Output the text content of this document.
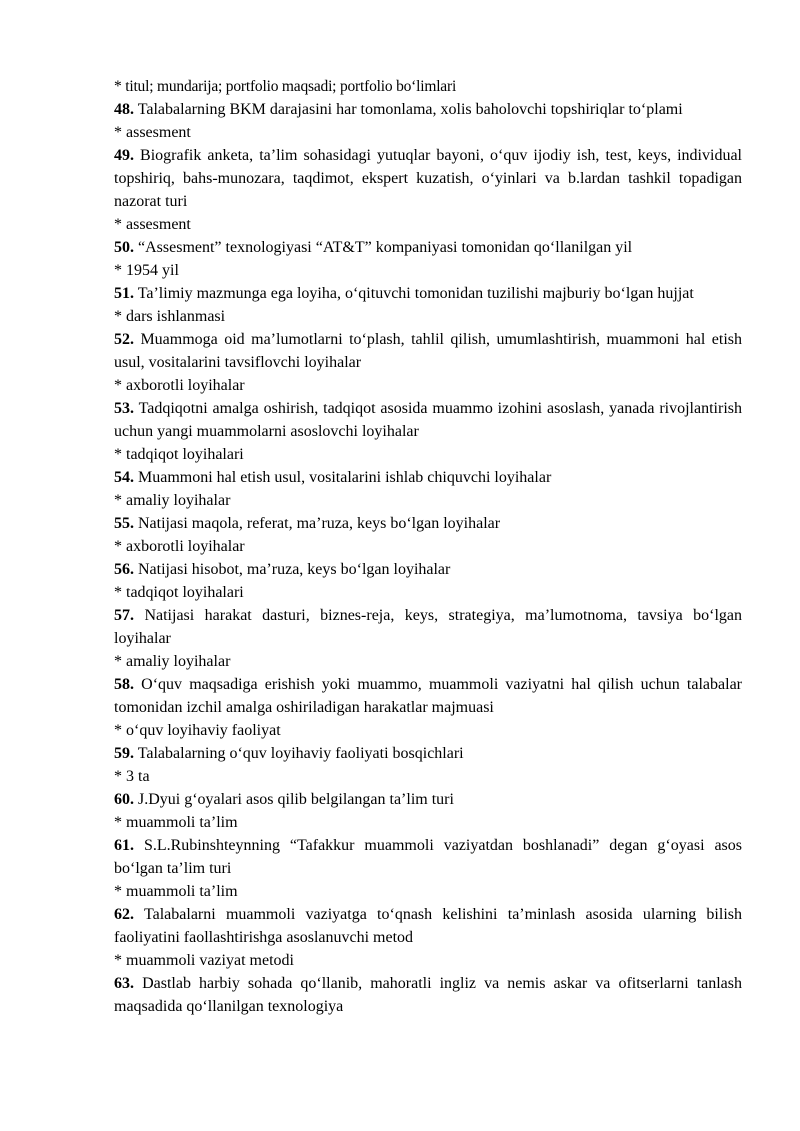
* titul; mundarija; portfolio maqsadi; portfolio bo‘limlari

48. Talabalarning BKM darajasini har tomonlama, xolis baholovchi topshiriqlar to‘plami

* assesment

49. Biografik anketa, ta’lim sohasidagi yutuqlar bayoni, o‘quv ijodiy ish, test, keys, individual topshiriq, bahs-munozara, taqdimot, ekspert kuzatish, o‘yinlari va b.lardan tashkil topadigan nazorat turi

* assesment

50. “Assesment” texnologiyasi “AT&T” kompaniyasi tomonidan qo‘llanilgan yil

* 1954 yil

51. Ta’limiy mazmunga ega loyiha, o‘qituvchi tomonidan tuzilishi majburiy bo‘lgan hujjat

* dars ishlanmasi

52. Muammoga oid ma’lumotlarni to‘plash, tahlil qilish, umumlashtirish, muammoni hal etish usul, vositalarini tavsiflovchi loyihalar

* axborotli loyihalar

53. Tadqiqotni amalga oshirish, tadqiqot asosida muammo izohini asoslash, yanada rivojlantirish uchun yangi muammolarni asoslovchi loyihalar

* tadqiqot loyihalari

54. Muammoni hal etish usul, vositalarini ishlab chiquvchi loyihalar

* amaliy loyihalar

55. Natijasi maqola, referat, ma’ruza, keys bo‘lgan loyihalar

* axborotli loyihalar

56. Natijasi hisobot, ma’ruza, keys bo‘lgan loyihalar

* tadqiqot loyihalari

57. Natijasi harakat dasturi, biznes-reja, keys, strategiya, ma’lumotnoma, tavsiya bo‘lgan loyihalar

* amaliy loyihalar

58. O‘quv maqsadiga erishish yoki muammo, muammoli vaziyatni hal qilish uchun talabalar tomonidan izchil amalga oshiriladigan harakatlar majmuasi

* o‘quv loyihaviy faoliyat

59. Talabalarning o‘quv loyihaviy faoliyati bosqichlari

* 3 ta

60. J.Dyui g‘oyalari asos qilib belgilangan ta’lim turi

* muammoli ta’lim

61. S.L.Rubinshteynning “Tafakkur muammoli vaziyatdan boshlanadi” degan g‘oyasi asos bo‘lgan ta’lim turi

* muammoli ta’lim

62. Talabalarni muammoli vaziyatga to‘qnash kelishini ta’minlash asosida ularning bilish faoliyatini faollashtirishga asoslanuvchi metod

* muammoli vaziyat metodi

63. Dastlab harbiy sohada qo‘llanib, mahoratli ingliz va nemis askar va ofitserlarni tanlash maqsadida qo‘llanilgan texnologiya
